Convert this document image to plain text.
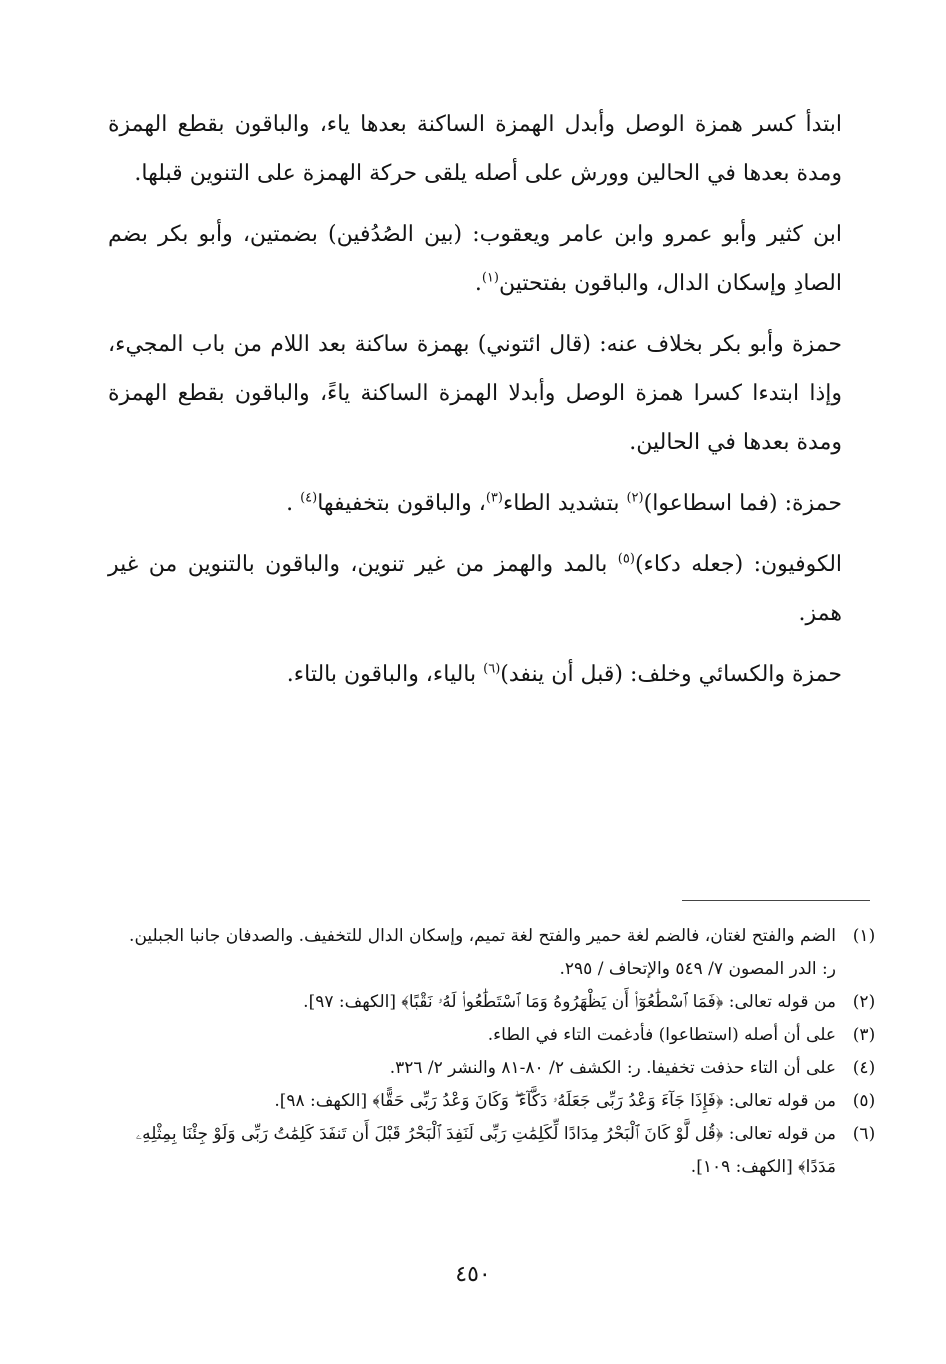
ابتدأ كسر همزة الوصل وأبدل الهمزة الساكنة بعدها ياء، والباقون بقطع الهمزة ومدة بعدها في الحالين وورش على أصله يلقى حركة الهمزة على التنوين قبلها.

ابن كثير وأبو عمرو وابن عامر ويعقوب: (بين الصُدُفين) بضمتين، وأبو بكر بضم الصادِ وإسكان الدال، والباقون بفتحتين$^{(١)}$.

حمزة وأبو بكر بخلاف عنه: (قال ائتوني) بهمزة ساكنة بعد اللام من باب المجيء، وإذا ابتدءا كسرا همزة الوصل وأبدلا الهمزة الساكنة ياءً، والباقون بقطع الهمزة ومدة بعدها في الحالين.

حمزة: (فما اسطاعوا)$^{(٢)}$ بتشديد الطاء$^{(٣)}$، والباقون بتخفيفها$^{(٤)}$ .

الكوفيون: (جعله دكاء)$^{(٥)}$ بالمد والهمز من غير تنوين، والباقون بالتنوين من غير همز.

حمزة والكسائي وخلف: (قبل أن ينفد)$^{(٦)}$ بالياء، والباقون بالتاء.

(١)
الضم والفتح لغتان، فالضم لغة حمير والفتح لغة تميم، وإسكان الدال للتخفيف. والصدفان جانبا الجبلين. ر: الدر المصون ٧/ ٥٤٩ والإتحاف / ٢٩٥.
(٢)
من قوله تعالى: ﴿فَمَا ٱسْطَٰعُوٓا۟ أَن يَظْهَرُوهُ وَمَا ٱسْتَطَٰعُوا۟ لَهُۥ نَقْبًا﴾ [الكهف: ٩٧].
(٣)
على أن أصله (استطاعوا) فأدغمت التاء في الطاء.
(٤)
على أن التاء حذفت تخفيفا. ر: الكشف ٢/ ٨٠-٨١ والنشر ٢/ ٣٢٦.
(٥)
من قوله تعالى: ﴿فَإِذَا جَآءَ وَعْدُ رَبِّى جَعَلَهُۥ دَكَّآءَ ۖ وَكَانَ وَعْدُ رَبِّى حَقًّا﴾ [الكهف: ٩٨].
(٦)
من قوله تعالى: ﴿قُل لَّوْ كَانَ ٱلْبَحْرُ مِدَادًا لِّكَلِمَٰتِ رَبِّى لَنَفِدَ ٱلْبَحْرُ قَبْلَ أَن تَنفَدَ كَلِمَٰتُ رَبِّى وَلَوْ جِئْنَا بِمِثْلِهِۦ مَدَدًا﴾ [الكهف: ١٠٩].
٤٥٠
